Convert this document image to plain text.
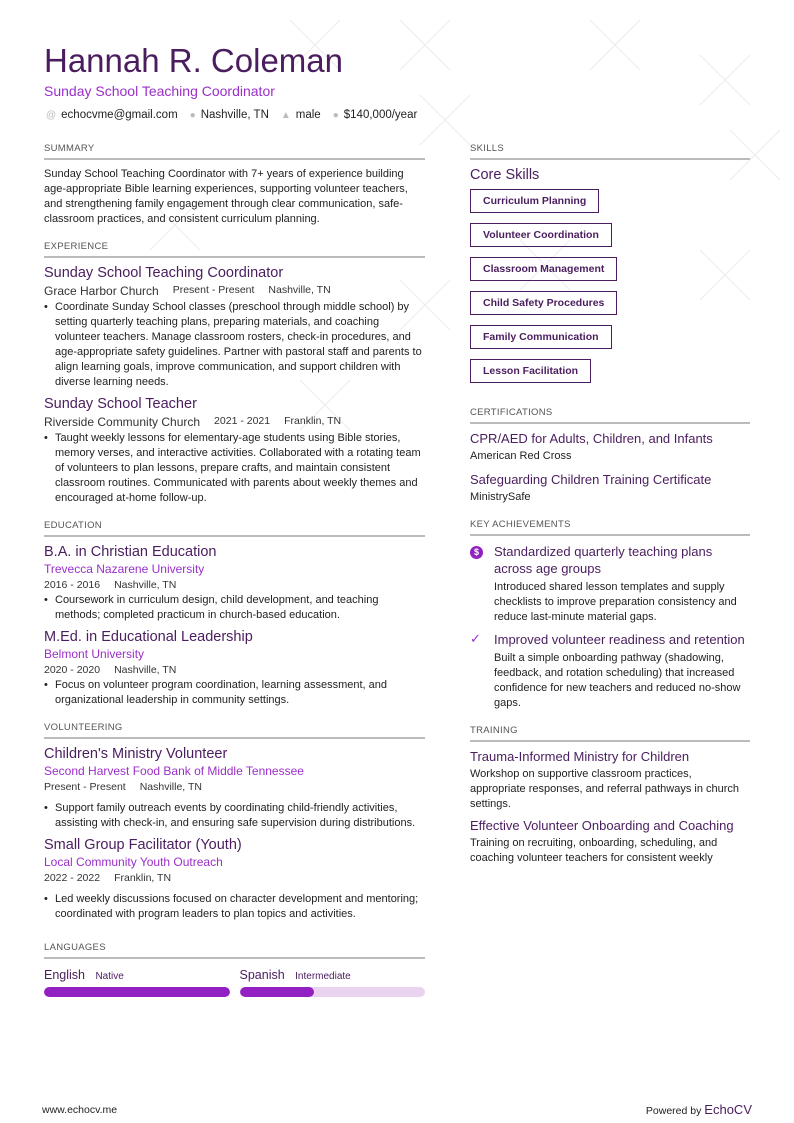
Hannah R. Coleman
Sunday School Teaching Coordinator
@ echocvme@gmail.com ● Nashville, TN ▲ male ● $140,000/year
SUMMARY
Sunday School Teaching Coordinator with 7+ years of experience building age-appropriate Bible learning experiences, supporting volunteer teachers, and strengthening family engagement through clear communication, safe-classroom practices, and consistent curriculum planning.
EXPERIENCE
Sunday School Teaching Coordinator
Grace Harbor Church Present - Present Nashville, TN
• Coordinate Sunday School classes (preschool through middle school) by setting quarterly teaching plans, preparing materials, and coaching volunteer teachers. Manage classroom rosters, check-in procedures, and age-appropriate safety guidelines. Partner with pastoral staff and parents to align learning goals, improve communication, and support children with diverse learning needs.
Sunday School Teacher
Riverside Community Church 2021 - 2021 Franklin, TN
• Taught weekly lessons for elementary-age students using Bible stories, memory verses, and interactive activities. Collaborated with a rotating team of volunteers to plan lessons, prepare crafts, and maintain consistent classroom routines. Communicated with parents about weekly themes and encouraged at-home follow-up.
EDUCATION
B.A. in Christian Education
Trevecca Nazarene University
2016 - 2016 Nashville, TN
• Coursework in curriculum design, child development, and teaching methods; completed practicum in church-based education.
M.Ed. in Educational Leadership
Belmont University
2020 - 2020 Nashville, TN
• Focus on volunteer program coordination, learning assessment, and organizational leadership in community settings.
VOLUNTEERING
Children's Ministry Volunteer
Second Harvest Food Bank of Middle Tennessee
Present - Present Nashville, TN
• Support family outreach events by coordinating child-friendly activities, assisting with check-in, and ensuring safe supervision during distributions.
Small Group Facilitator (Youth)
Local Community Youth Outreach
2022 - 2022 Franklin, TN
• Led weekly discussions focused on character development and mentoring; coordinated with program leaders to plan topics and activities.
LANGUAGES
English Native	Spanish Intermediate
SKILLS
Core Skills
Curriculum Planning
Volunteer Coordination
Classroom Management
Child Safety Procedures
Family Communication
Lesson Facilitation
CERTIFICATIONS
CPR/AED for Adults, Children, and Infants
American Red Cross
Safeguarding Children Training Certificate
MinistrySafe
KEY ACHIEVEMENTS
$	Standardized quarterly teaching plans across age groups
Introduced shared lesson templates and supply checklists to improve preparation consistency and reduce last-minute material gaps.
✓ Improved volunteer readiness and retention
Built a simple onboarding pathway (shadowing, feedback, and rotation scheduling) that increased confidence for new teachers and reduced no-show gaps.
TRAINING
Trauma-Informed Ministry for Children
Workshop on supportive classroom practices, appropriate responses, and referral pathways in church settings.
Effective Volunteer Onboarding and Coaching
Training on recruiting, onboarding, scheduling, and coaching volunteer teachers for consistent weekly
www.echocv.me	Powered by EchoCV
